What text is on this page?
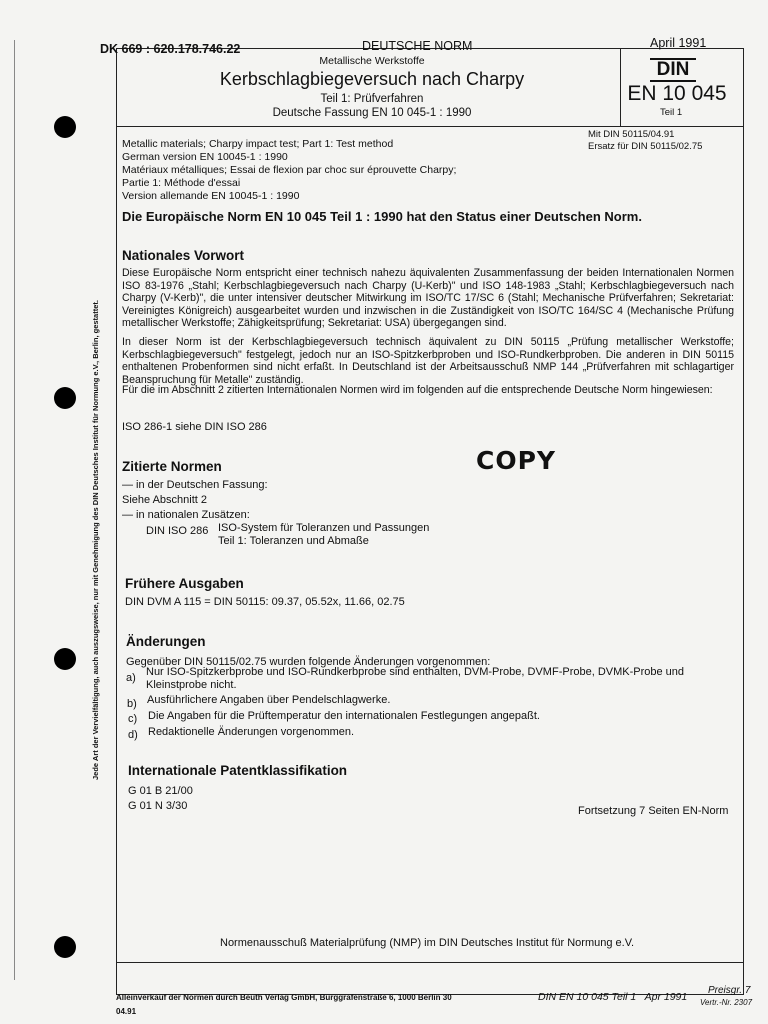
Jede Art der Vervielfältigung, auch auszugsweise, nur mit Genehmigung des DIN Deutsches Institut für Normung e.V., Berlin, gestattet.
DK 669 : 620.178.746.22	DEUTSCHE NORM	April 1991
Metallische Werkstoffe
Kerbschlagbiegeversuch nach Charpy
Teil 1: Prüfverfahren
Deutsche Fassung EN 10 045-1 : 1990
DIN
EN 10 045
Teil 1
Metallic materials; Charpy impact test; Part 1: Test method
German version EN 10045-1 : 1990
Matériaux métalliques; Essai de flexion par choc sur éprouvette Charpy;
Partie 1: Méthode d'essai
Version allemande EN 10045-1 : 1990
Mit DIN 50115/04.91
Ersatz für DIN 50115/02.75
Die Europäische Norm EN 10 045 Teil 1 : 1990 hat den Status einer Deutschen Norm.
Nationales Vorwort
Diese Europäische Norm entspricht einer technisch nahezu äquivalenten Zusammenfassung der beiden Internationalen Normen ISO 83-1976 „Stahl; Kerbschlagbiegeversuch nach Charpy (U-Kerb)" und ISO 148-1983 „Stahl; Kerbschlagbiegeversuch nach Charpy (V-Kerb)", die unter intensiver deutscher Mitwirkung im ISO/TC 17/SC 6 (Stahl; Mechanische Prüfverfahren; Sekretariat: Vereinigtes Königreich) ausgearbeitet wurden und inzwischen in die Zuständigkeit von ISO/TC 164/SC 4 (Mechanische Prüfung metallischer Werkstoffe; Zähigkeitsprüfung; Sekretariat: USA) übergegangen sind.
In dieser Norm ist der Kerbschlagbiegeversuch technisch äquivalent zu DIN 50115 „Prüfung metallischer Werkstoffe; Kerbschlagbiegeversuch" festgelegt, jedoch nur an ISO-Spitzkerbproben und ISO-Rundkerbproben. Die anderen in DIN 50115 enthaltenen Probenformen sind nicht erfaßt. In Deutschland ist der Arbeitsausschuß NMP 144 „Prüfverfahren mit schlagartiger Beanspruchung für Metalle" zuständig.
Für die im Abschnitt 2 zitierten Internationalen Normen wird im folgenden auf die entsprechende Deutsche Norm hingewiesen:
ISO 286-1 siehe DIN ISO 286
COPY
Zitierte Normen
— in der Deutschen Fassung:
Siehe Abschnitt 2
— in nationalen Zusätzen:
DIN ISO 286 ISO-System für Toleranzen und Passungen
Teil 1: Toleranzen und Abmaße
Frühere Ausgaben
DIN DVM A 115 = DIN 50115: 09.37, 05.52x, 11.66, 02.75
Änderungen
Gegenüber DIN 50115/02.75 wurden folgende Änderungen vorgenommen:
a) Nur ISO-Spitzkerbprobe und ISO-Rundkerbprobe sind enthalten, DVM-Probe, DVMF-Probe, DVMK-Probe und Kleinstprobe nicht.
b) Ausführlichere Angaben über Pendelschlagwerke.
c) Die Angaben für die Prüftemperatur den internationalen Festlegungen angepaßt.
d) Redaktionelle Änderungen vorgenommen.
Internationale Patentklassifikation
G 01 B 21/00
G 01 N 3/30	Fortsetzung 7 Seiten EN-Norm
Normenausschuß Materialprüfung (NMP) im DIN Deutsches Institut für Normung e.V.
Alleinverkauf der Normen durch Beuth Verlag GmbH, Burggrafenstraße 6, 1000 Berlin 30
04.91
DIN EN 10 045 Teil 1   Apr 1991
Preisgr. 7
Vertr.-Nr. 2307
